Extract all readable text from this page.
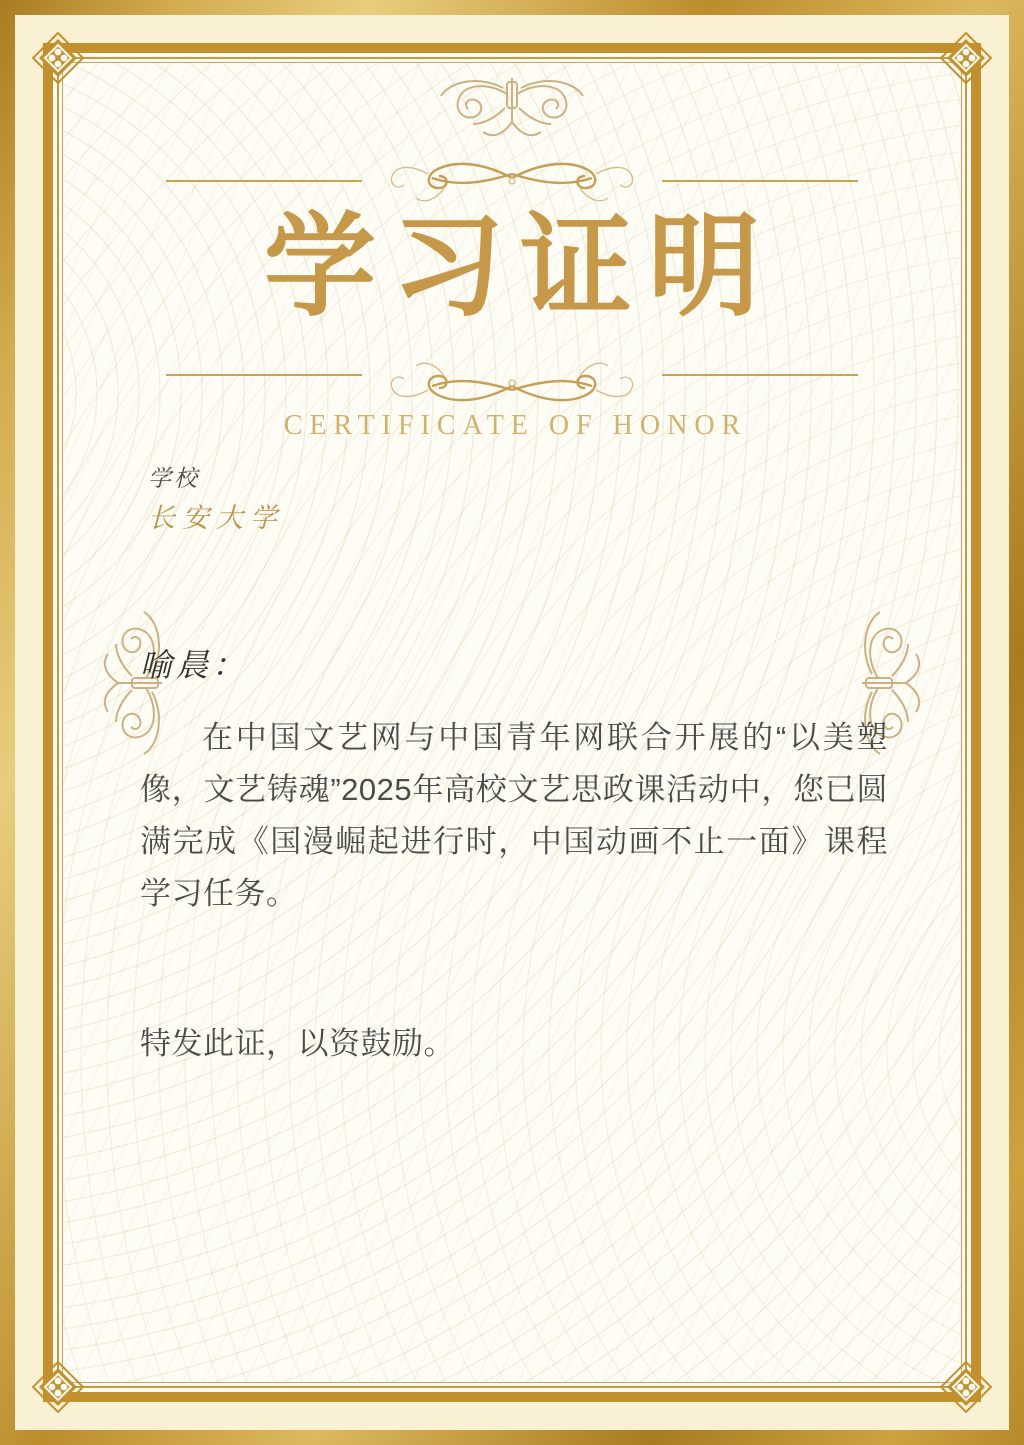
学习证明
CERTIFICATE OF HONOR
学校
长安大学
喻晨：
在中国文艺网与中国青年网联合开展的“以美塑像，文艺铸魂”2025年高校文艺思政课活动中，您已圆满完成《国漫崛起进行时，中国动画不止一面》课程学习任务。
特发此证，以资鼓励。
